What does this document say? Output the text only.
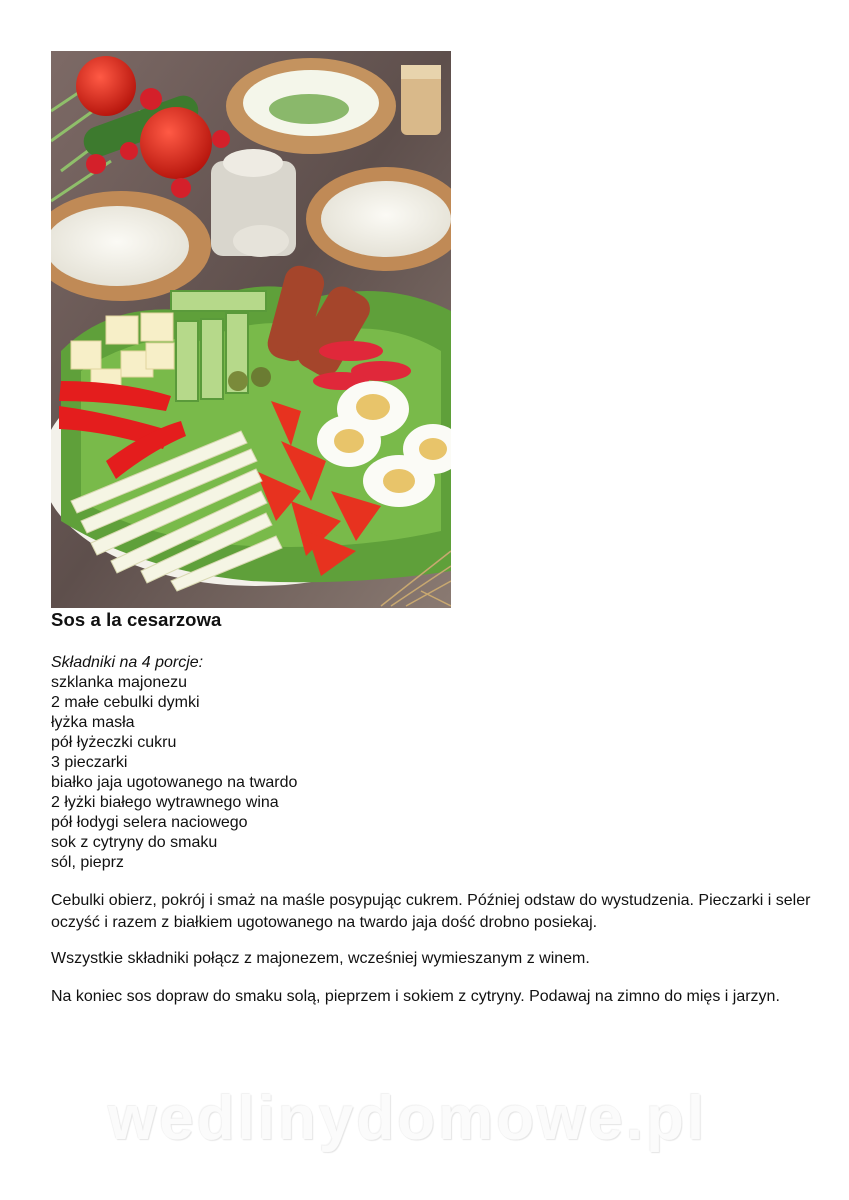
Sos a la cesarzowa
Składniki na 4 porcje:
szklanka majonezu
2 małe cebulki dymki
łyżka masła
pół łyżeczki cukru
3 pieczarki
białko jaja ugotowanego na twardo
2 łyżki białego wytrawnego wina
pół łodygi selera naciowego
sok z cytryny do smaku
sól, pieprz

Cebulki obierz, pokrój i smaż na maśle posypując cukrem. Później odstaw do wystudzenia. Pieczarki i seler oczyść i razem z białkiem ugotowanego na twardo jaja dość drobno posiekaj.

Wszystkie składniki połącz z majonezem, wcześniej wymieszanym z winem.

Na koniec sos dopraw do smaku solą, pieprzem i sokiem z cytryny. Podawaj na zimno do mięs i jarzyn.

wedlinydomowe.pl
